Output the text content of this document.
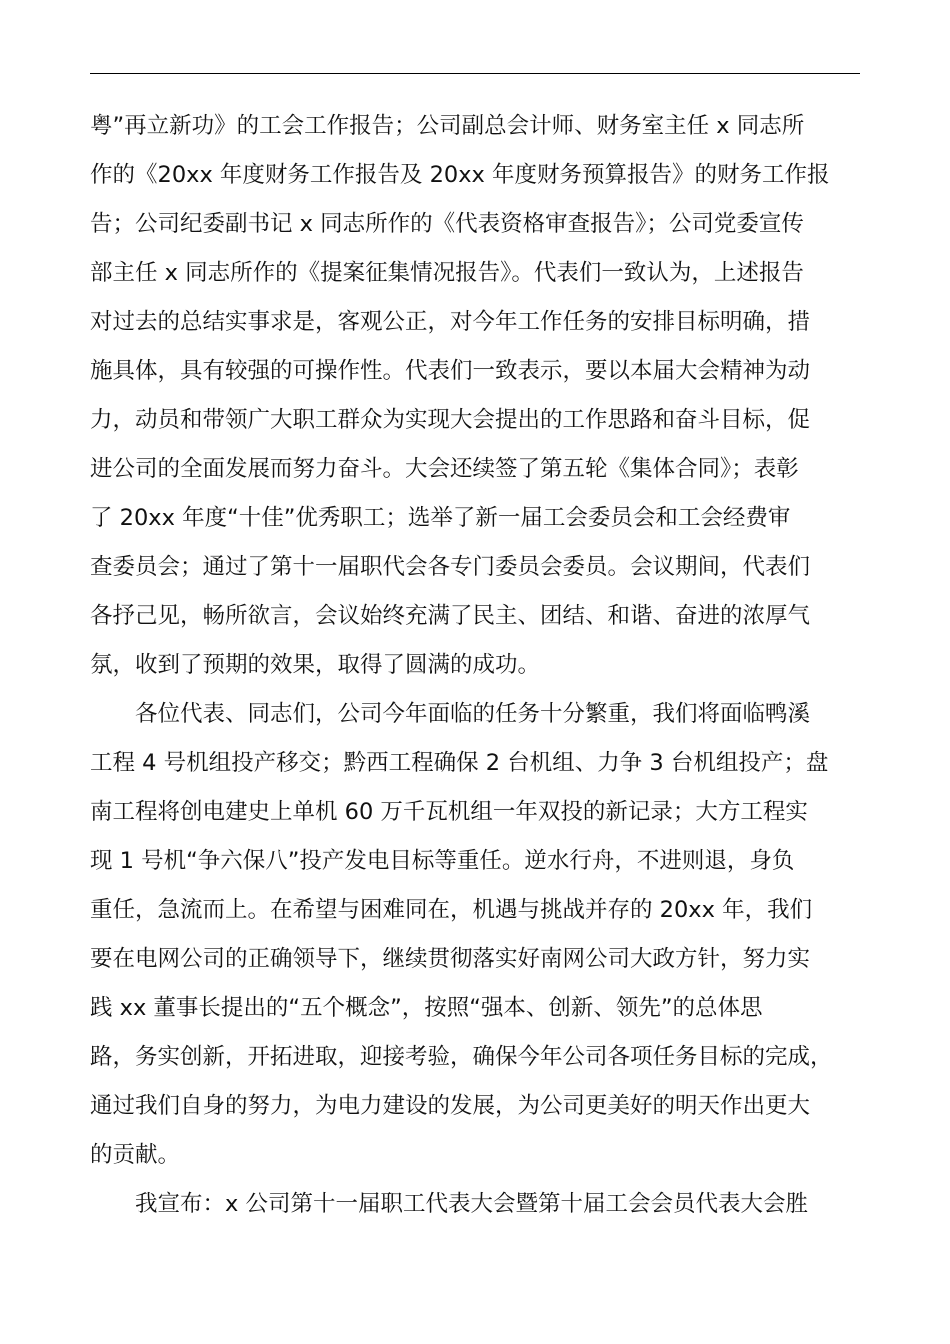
粤”再立新功》的工会工作报告；公司副总会计师、财务室主任 x 同志所
作的《20xx 年度财务工作报告及 20xx 年度财务预算报告》的财务工作报
告；公司纪委副书记 x 同志所作的《代表资格审查报告》；公司党委宣传
部主任 x 同志所作的《提案征集情况报告》。代表们一致认为，上述报告
对过去的总结实事求是，客观公正，对今年工作任务的安排目标明确，措
施具体，具有较强的可操作性。代表们一致表示，要以本届大会精神为动
力，动员和带领广大职工群众为实现大会提出的工作思路和奋斗目标，促
进公司的全面发展而努力奋斗。大会还续签了第五轮《集体合同》；表彰
了 20xx 年度“十佳”优秀职工；选举了新一届工会委员会和工会经费审
查委员会；通过了第十一届职代会各专门委员会委员。会议期间，代表们
各抒己见，畅所欲言，会议始终充满了民主、团结、和谐、奋进的浓厚气
氛，收到了预期的效果，取得了圆满的成功。
各位代表、同志们，公司今年面临的任务十分繁重，我们将面临鸭溪
工程 4 号机组投产移交；黔西工程确保 2 台机组、力争 3 台机组投产；盘
南工程将创电建史上单机 60 万千瓦机组一年双投的新记录；大方工程实
现 1 号机“争六保八”投产发电目标等重任。逆水行舟，不进则退，身负
重任，急流而上。在希望与困难同在，机遇与挑战并存的 20xx 年，我们
要在电网公司的正确领导下，继续贯彻落实好南网公司大政方针，努力实
践 xx 董事长提出的“五个概念”，按照“强本、创新、领先”的总体思
路，务实创新，开拓进取，迎接考验，确保今年公司各项任务目标的完成，
通过我们自身的努力，为电力建设的发展，为公司更美好的明天作出更大
的贡献。
我宣布：x 公司第十一届职工代表大会暨第十届工会会员代表大会胜
